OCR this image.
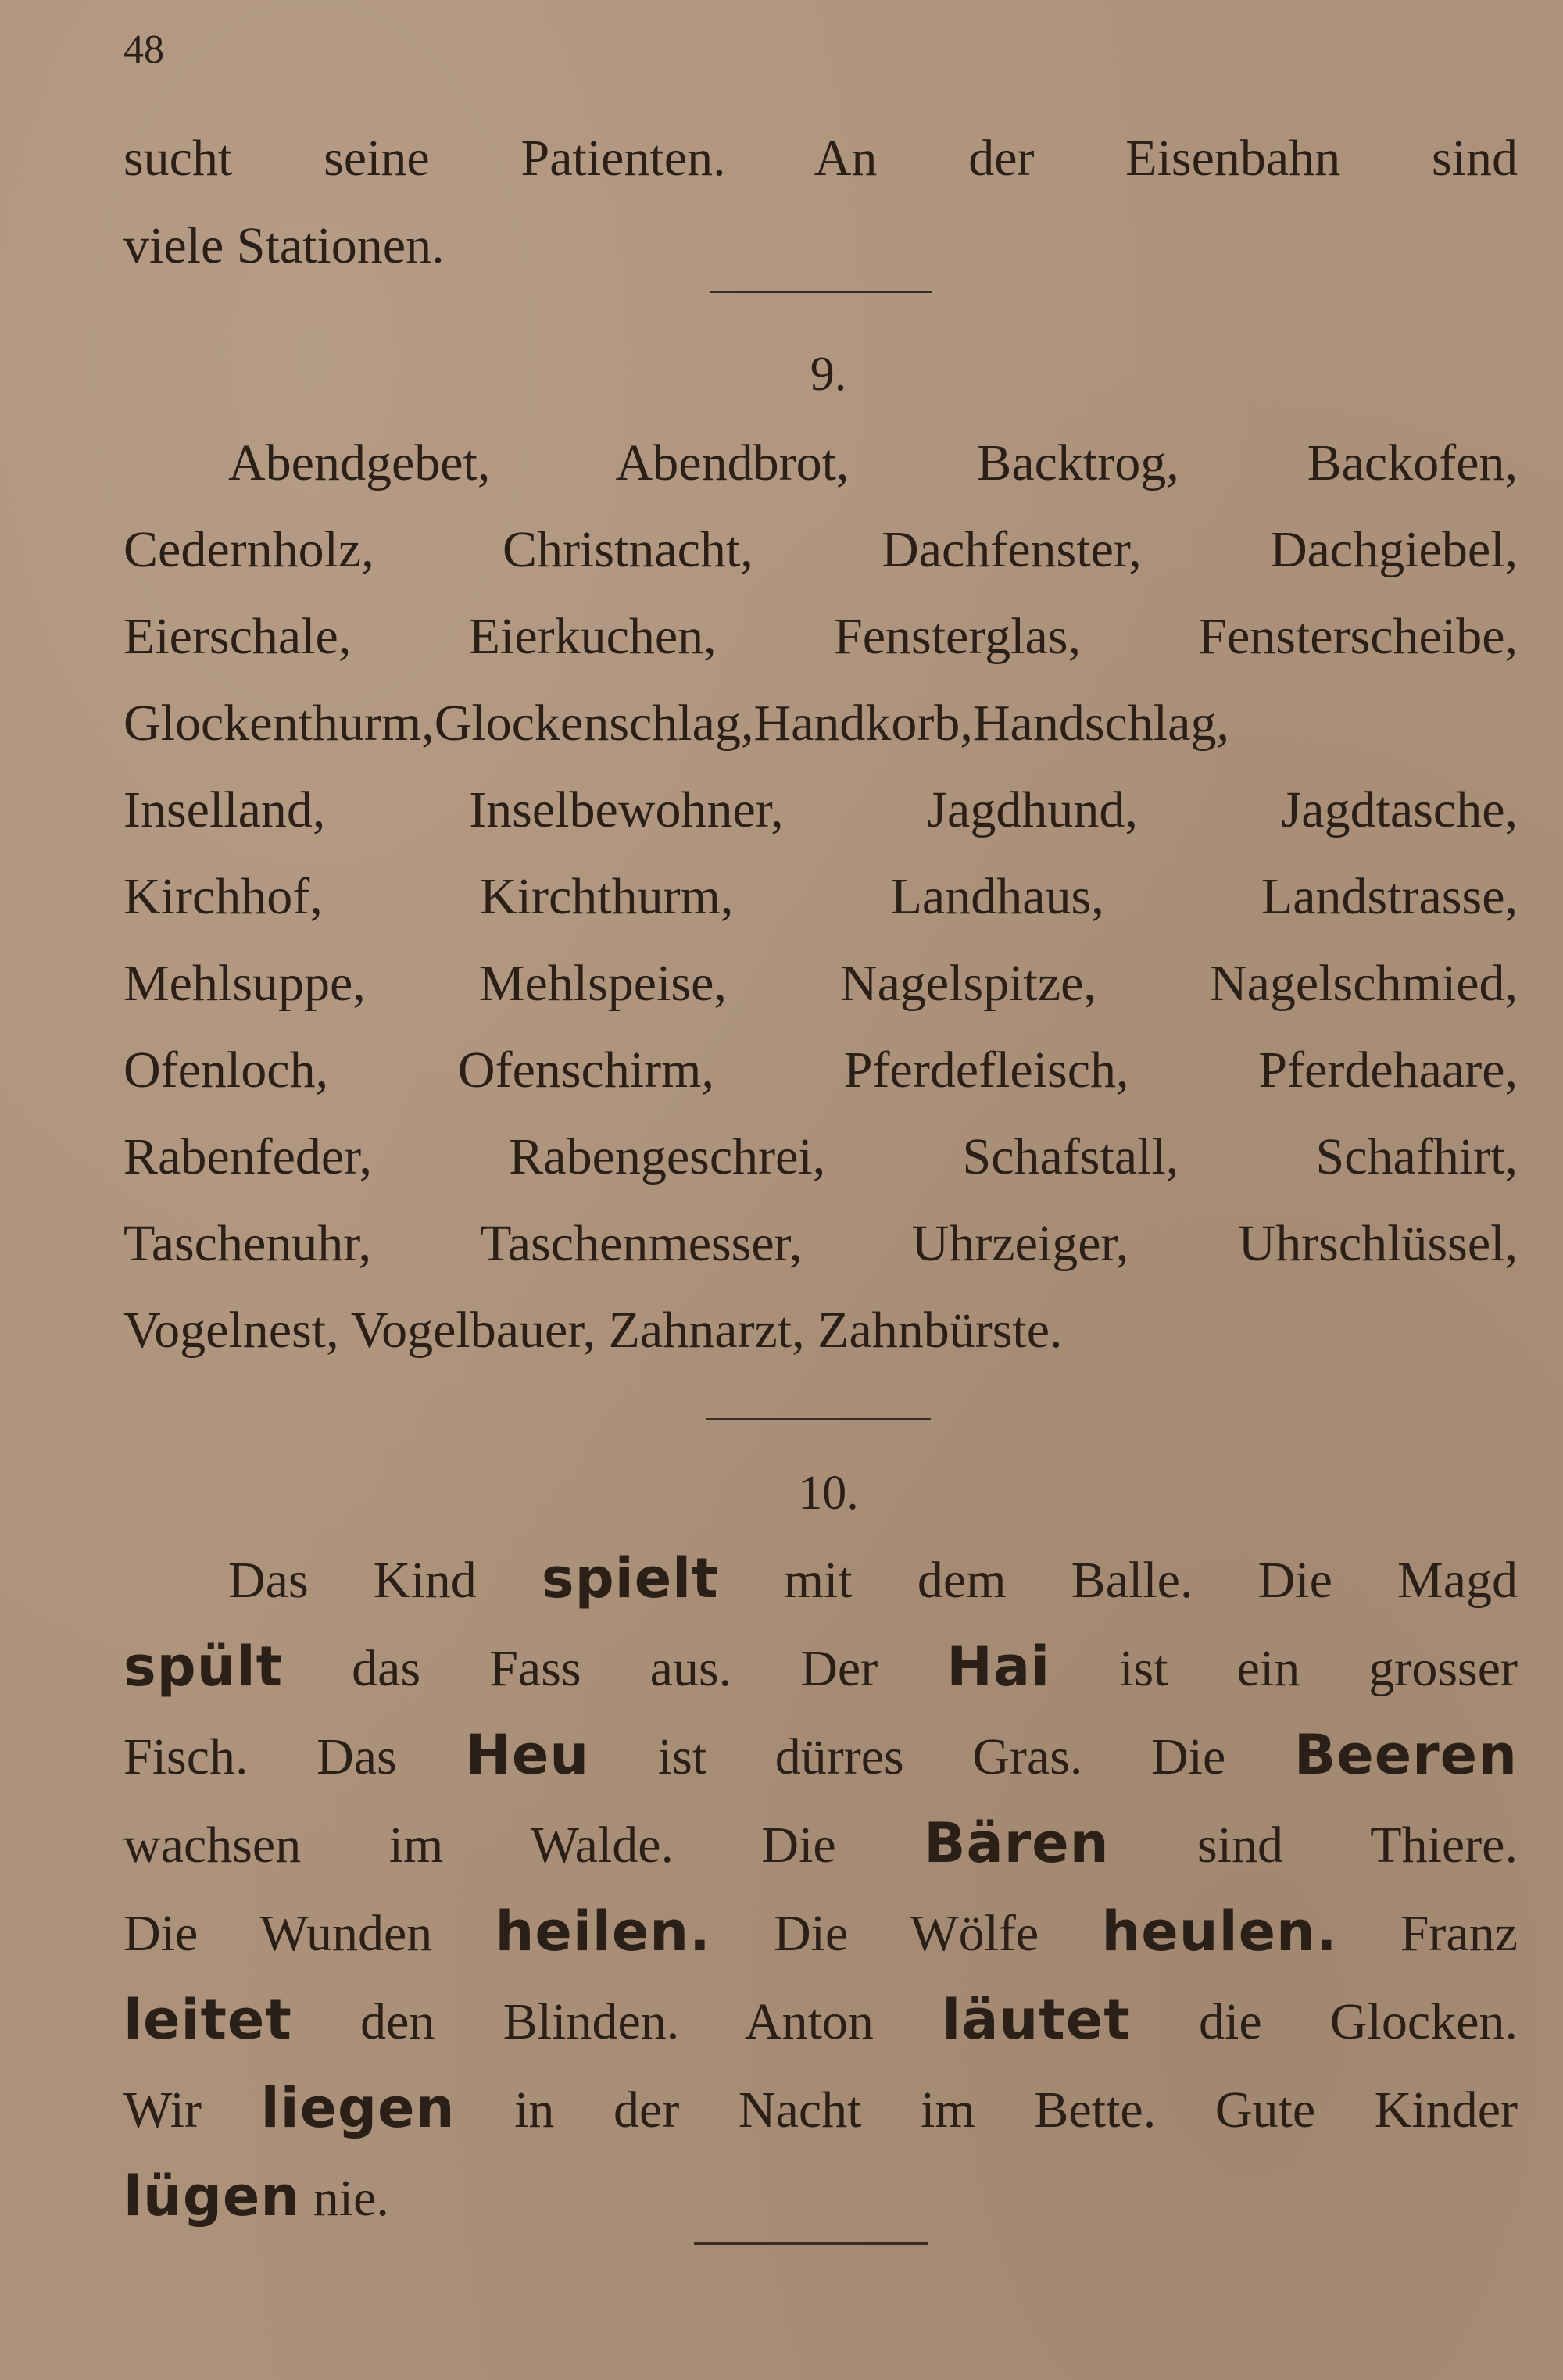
48
sucht seine Patienten. An der Eisenbahn sind
viele Stationen.
9.
Abendgebet, Abendbrot, Backtrog, Backofen,
Cedernholz, Christnacht, Dachfenster, Dachgiebel,
Eierschale, Eierkuchen, Fensterglas, Fensterscheibe,
Glockenthurm,Glockenschlag,Handkorb,Handschlag,
Inselland, Inselbewohner, Jagdhund, Jagdtasche,
Kirchhof, Kirchthurm, Landhaus, Landstrasse,
Mehlsuppe, Mehlspeise, Nagelspitze, Nagelschmied,
Ofenloch, Ofenschirm, Pferdefleisch, Pferdehaare,
Rabenfeder, Rabengeschrei, Schafstall, Schafhirt,
Taschenuhr, Taschenmesser, Uhrzeiger, Uhrschlüssel,
Vogelnest, Vogelbauer, Zahnarzt, Zahnbürste.
10.
Das Kind spielt mit dem Balle. Die Magd
spült das Fass aus. Der Hai ist ein grosser
Fisch. Das Heu ist dürres Gras. Die Beeren
wachsen im Walde. Die Bären sind Thiere.
Die Wunden heilen. Die Wölfe heulen. Franz
leitet den Blinden. Anton läutet die Glocken.
Wir liegen in der Nacht im Bette. Gute Kinder
lügen nie.
